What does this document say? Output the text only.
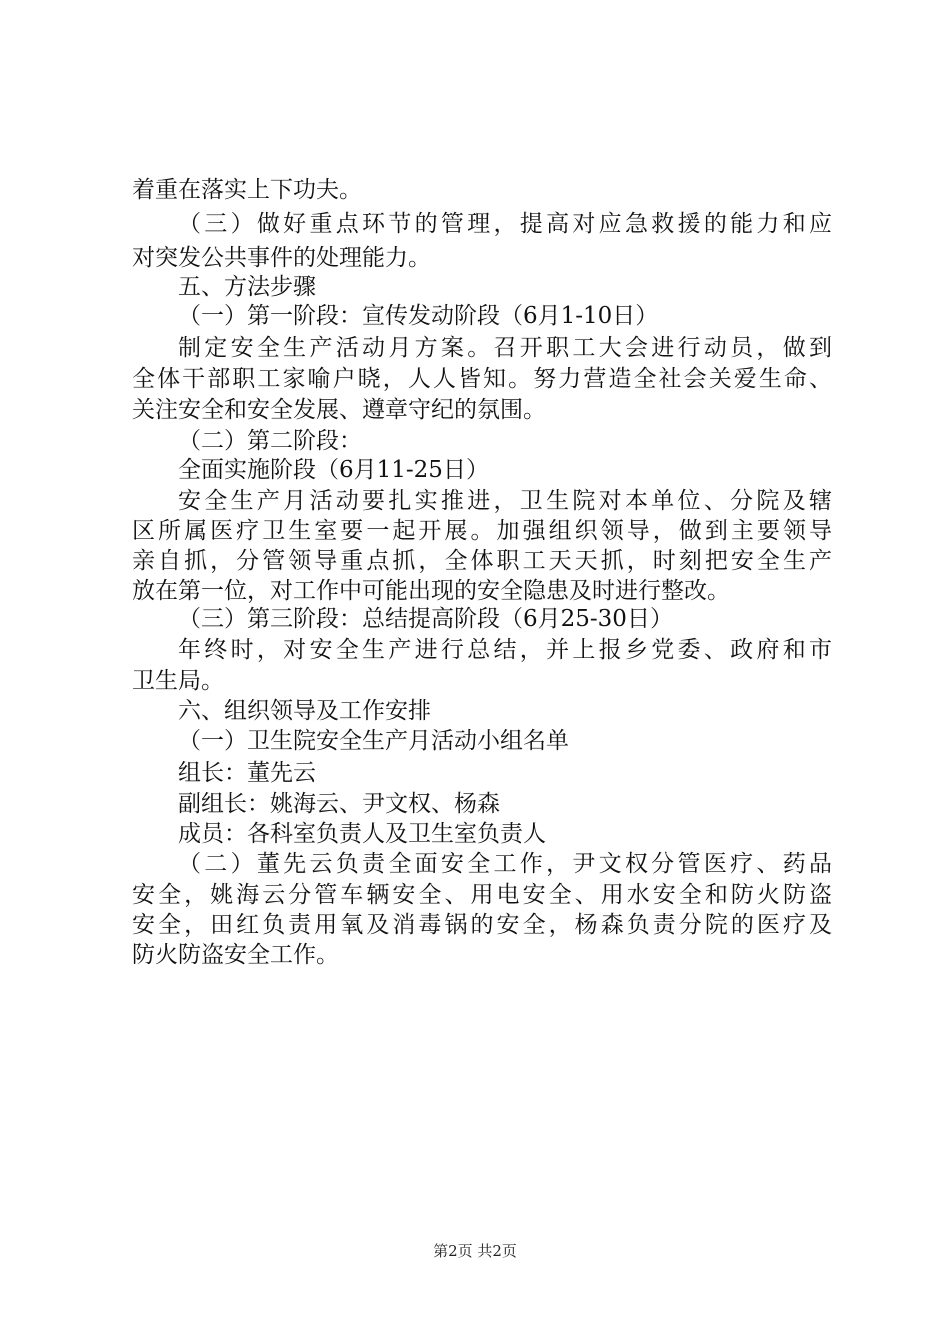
着重在落实上下功夫。
（三）做好重点环节的管理，提高对应急救援的能力和应
对突发公共事件的处理能力。
五、方法步骤
（一）第一阶段：宣传发动阶段（6月1-10日）
制定安全生产活动月方案。召开职工大会进行动员，做到
全体干部职工家喻户晓，人人皆知。努力营造全社会关爱生命、
关注安全和安全发展、遵章守纪的氛围。
（二）第二阶段：
全面实施阶段（6月11-25日）
安全生产月活动要扎实推进，卫生院对本单位、分院及辖
区所属医疗卫生室要一起开展。加强组织领导，做到主要领导
亲自抓，分管领导重点抓，全体职工天天抓，时刻把安全生产
放在第一位，对工作中可能出现的安全隐患及时进行整改。
（三）第三阶段：总结提高阶段（6月25-30日）
年终时，对安全生产进行总结，并上报乡党委、政府和市
卫生局。
六、组织领导及工作安排
（一）卫生院安全生产月活动小组名单
组长：董先云
副组长：姚海云、尹文权、杨森
成员：各科室负责人及卫生室负责人
（二）董先云负责全面安全工作，尹文权分管医疗、药品
安全，姚海云分管车辆安全、用电安全、用水安全和防火防盗
安全，田红负责用氧及消毒锅的安全，杨森负责分院的医疗及
防火防盗安全工作。
第2页 共2页
